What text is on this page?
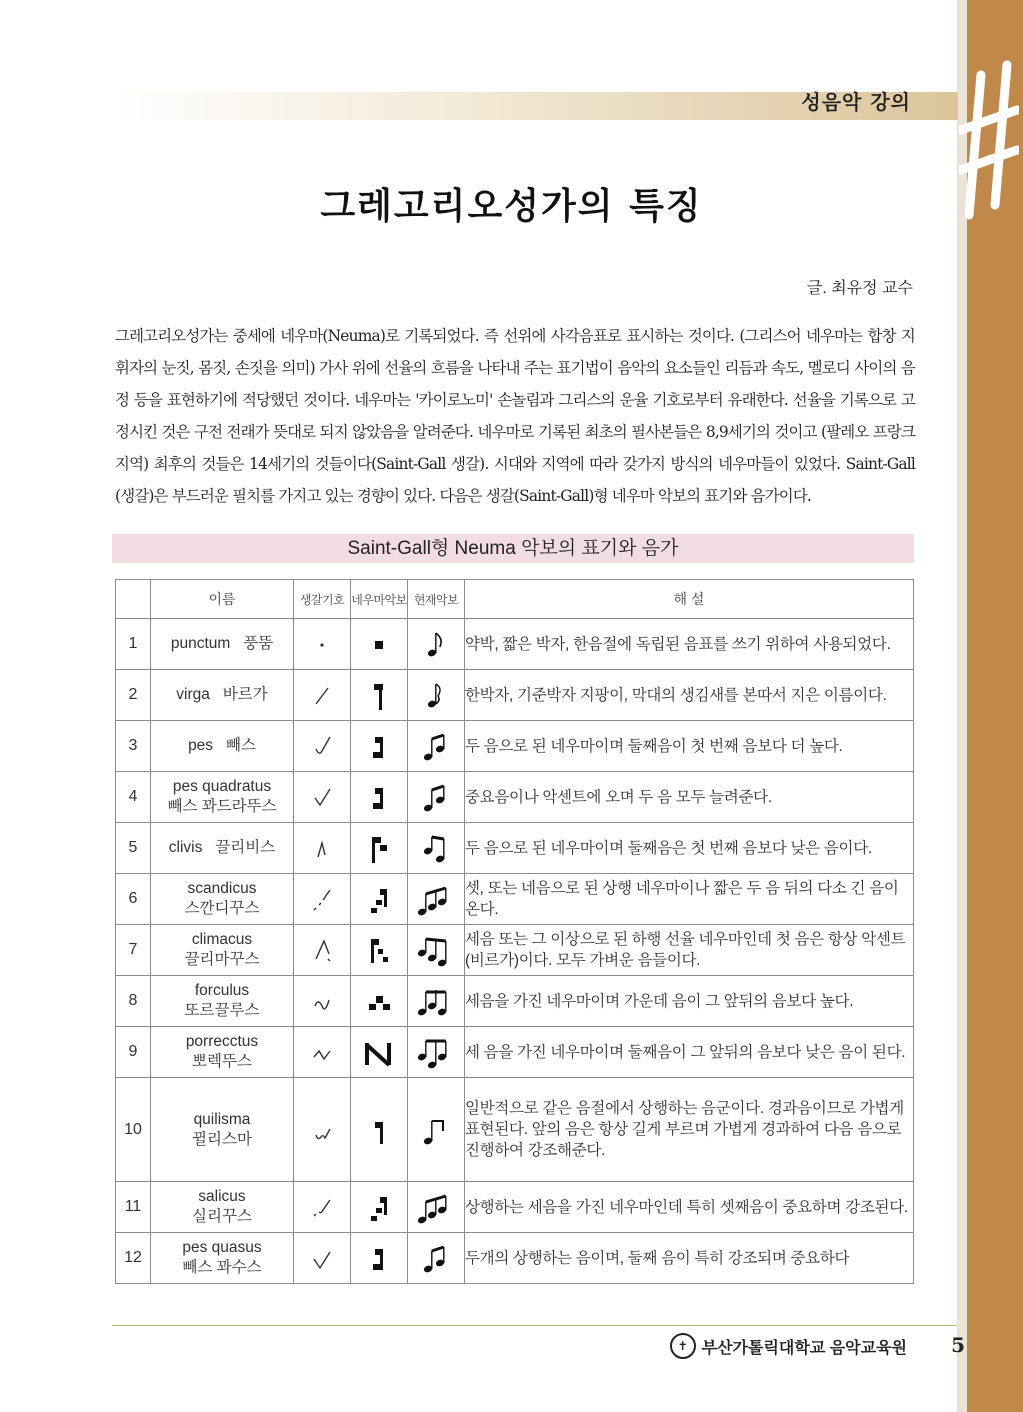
성음악 강의
그레고리오성가의 특징
글. 최유정 교수
그레고리오성가는 중세에 네우마(Neuma)로 기록되었다. 즉 선위에 사각음표로 표시하는 것이다. (그리스어 네우마는 합창 지휘자의 눈짓, 몸짓, 손짓을 의미) 가사 위에 선율의 흐름을 나타내 주는 표기법이 음악의 요소들인 리듬과 속도, 멜로디 사이의 음정 등을 표현하기에 적당했던 것이다. 네우마는 '카이로노미' 손놀림과 그리스의 운율 기호로부터 유래한다. 선율을 기록으로 고정시킨 것은 구전 전래가 뜻대로 되지 않았음을 알려준다. 네우마로 기록된 최초의 필사본들은 8,9세기의 것이고 (팔레오 프랑크 지역) 최후의 것들은 14세기의 것들이다(Saint-Gall 생갈). 시대와 지역에 따라 갖가지 방식의 네우마들이 있었다. Saint-Gall (생갈)은 부드러운 필치를 가지고 있는 경향이 있다. 다음은 생갈(Saint-Gall)형 네우마 악보의 표기와 음가이다.
Saint-Gall형 Neuma 악보의 표기와 음가
	이름	생갈기호	네우마악보	현재악보	해 설
1	punctum 풍뚬				약박, 짧은 박자, 한음절에 독립된 음표를 쓰기 위하여 사용되었다.
2	virga 바르가				한박자, 기준박자 지팡이, 막대의 생김새를 본따서 지은 이름이다.
3	pes 빼스				두 음으로 된 네우마이며 둘째음이 첫 번째 음보다 더 높다.
4	pes quadratus
빼스 꽈드라뚜스				중요음이나 악센트에 오며 두 음 모두 늘려준다.
5	clivis 끌리비스				두 음으로 된 네우마이며 둘째음은 첫 번째 음보다 낮은 음이다.
6	scandicus
스깐디꾸스				셋, 또는 네음으로 된 상행 네우마이나 짧은 두 음 뒤의 다소 긴 음이 온다.
7	climacus
끌리마꾸스				세음 또는 그 이상으로 된 하행 선율 네우마인데 첫 음은 항상 악센트(비르가)이다. 모두 가벼운 음들이다.
8	forculus
또르끌루스				세음을 가진 네우마이며 가운데 음이 그 앞뒤의 음보다 높다.
9	porrecctus
뽀렉뚜스				세 음을 가진 네우마이며 둘째음이 그 앞뒤의 음보다 낮은 음이 된다.
10	quilisma
뀔리스마				일반적으로 같은 음절에서 상행하는 음군이다. 경과음이므로 가볍게 표현된다. 앞의 음은 항상 길게 부르며 가볍게 경과하여 다음 음으로 진행하여 강조해준다.
11	salicus
실리꾸스				상행하는 세음을 가진 네우마인데 특히 셋째음이 중요하며 강조된다.
12	pes quasus
빼스 꽈수스				두개의 상행하는 음이며, 둘째 음이 특히 강조되며 중요하다
✝ 부산가톨릭대학교 음악교육원 5
